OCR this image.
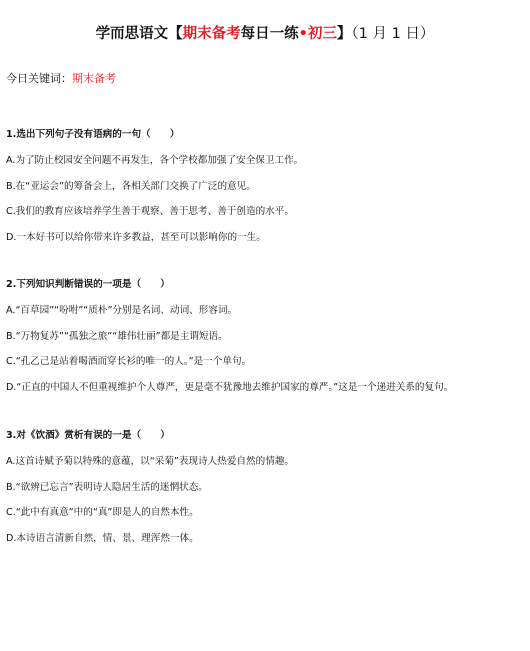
学而思语文【期末备考每日一练•初三】（1 月 1 日）
今日关键词：期末备考
1.选出下列句子没有语病的一句（　　）
A.为了防止校园安全问题不再发生，各个学校都加强了安全保卫工作。
B.在“亚运会”的筹备会上，各相关部门交换了广泛的意见。
C.我们的教育应该培养学生善于观察、善于思考、善于创造的水平。
D.一本好书可以给你带来许多教益，甚至可以影响你的一生。
2.下列知识判断错误的一项是（　　）
A.“百草园”“吩咐”“质朴”分别是名词、动词、形容词。
B.“万物复苏”“孤独之旅”“雄伟壮丽”都是主谓短语。
C.“孔乙己是站着喝酒而穿长衫的唯一的人。”是一个单句。
D.“正直的中国人不但重视维护个人尊严，更是毫不犹豫地去维护国家的尊严。”这是一个递进关系的复句。
3.对《饮酒》赏析有误的一是（　　）
A.这首诗赋予菊以特殊的意蕴，以“采菊”表现诗人热爱自然的情趣。
B.“欲辨已忘言”表明诗人隐居生活的迷惘状态。
C.“此中有真意”中的“真”即是人的自然本性。
D.本诗语言清新自然，情、景、理浑然一体。
